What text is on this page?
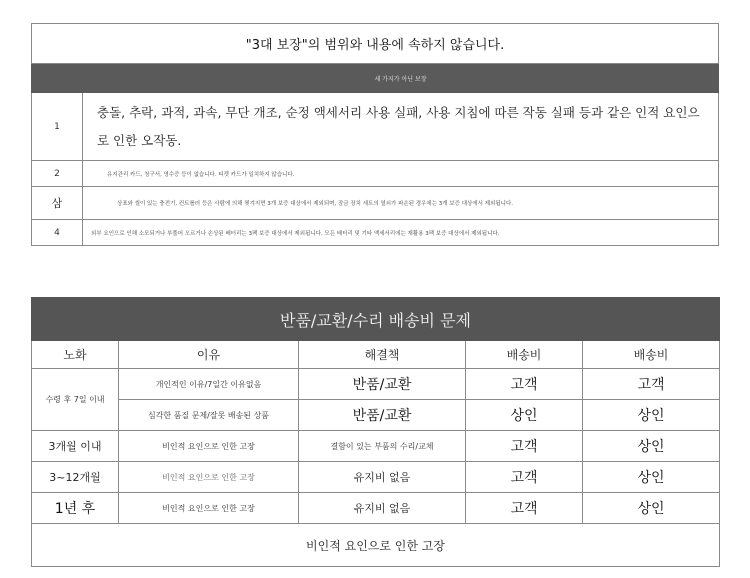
"3대 보장"의 범위와 내용에 속하지 않습니다.	
	세 가지가 아닌 보장
1	충돌, 추락, 과적, 과속, 무단 개조, 순정 액세서리 사용 실패, 사용 지침에 따른 작동 실패 등과 같은 인적 요인으로 인한 오작동.
2	유지관리 카드, 청구서, 영수증 등이 없습니다. 티켓 카드가 일치하지 않습니다.
삼	상표와 씰이 있는 충전기, 컨트롤러 등은 사람에 의해 찢겨지면 3개 보증 대상에서 제외되며, 잠금 장치 세트의 열쇠가 파손된 경우에는 3개 보증 대상에서 제외됩니다.
4	외부 요인으로 인해 소모되거나 부풀어 오르거나 손상된 배터리는 3팩 보증 대상에서 제외됩니다. 모든 배터리 및 기타 액세서리에는 재활용 3팩 보증 대상에서 제외됩니다.
반품/교환/수리 배송비 문제				
노화	이유	해결책	배송비	배송비
수령 후 7일 이내	개인적인 이유/7일간 이유없음	반품/교환	고객	고객
	심각한 품질 문제/잘못 배송된 상품	반품/교환	상인	상인
3개월 이내	비인적 요인으로 인한 고장	결함이 있는 부품의 수리/교체	고객	상인
3~12개월	비인적 요인으로 인한 고장	유지비 없음	고객	상인
1년 후	비인적 요인으로 인한 고장	유지비 없음	고객	상인
비인적 요인으로 인한 고장				
